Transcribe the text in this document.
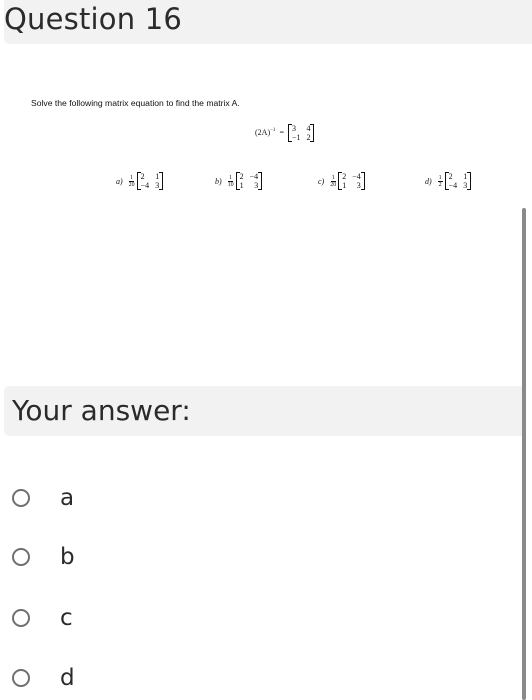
Question 16
Solve the following matrix equation to find the matrix A.
$(2A)^{-1} = 3$ 4
−1 2
$a) \frac{1}{20} 2$ 1
−4 3	$b) \frac{1}{10} 2 -4$
1 3	$c) \frac{1}{20} 2 -4$
1 3	$d) \frac{1}{2} 2$ 1
−4 3
Your answer:
a
b
c
d
